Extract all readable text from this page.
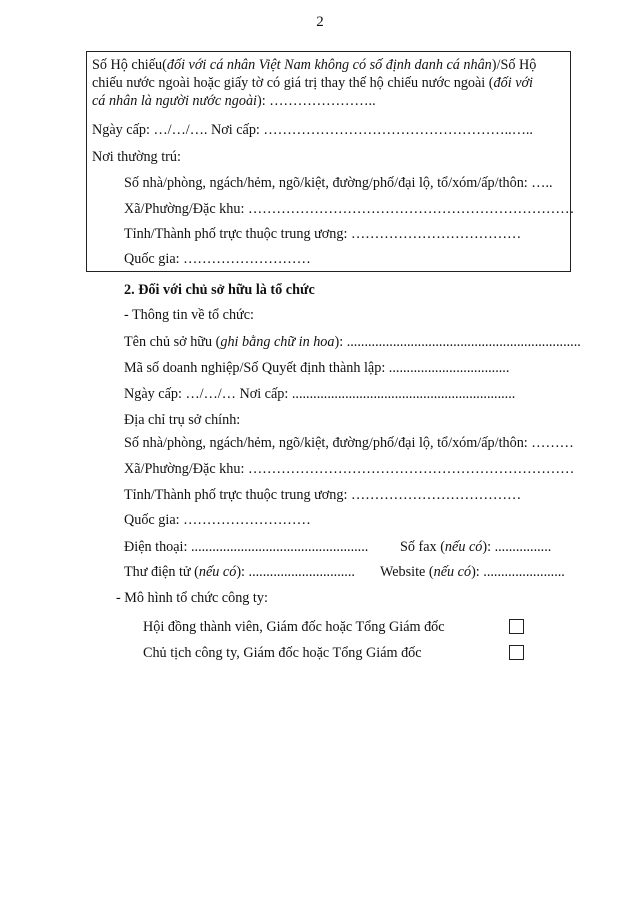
2
Số Hộ chiếu(đối với cá nhân Việt Nam không có số định danh cá nhân)/Số Hộ
chiếu nước ngoài hoặc giấy tờ có giá trị thay thế hộ chiếu nước ngoài (đối với
cá nhân là người nước ngoài): …………………..
Ngày cấp: …/…/…. Nơi cấp: ……………………………………………..…..
Nơi thường trú:
Số nhà/phòng, ngách/hẻm, ngõ/kiệt, đường/phố/đại lộ, tổ/xóm/ấp/thôn: …..
Xã/Phường/Đặc khu: ……………………………………………………………
Tỉnh/Thành phố trực thuộc trung ương: ………………………………
Quốc gia: ………………………
2. Đối với chủ sở hữu là tổ chức
- Thông tin về tổ chức:
Tên chủ sở hữu (ghi bằng chữ in hoa): ..................................................................
Mã số doanh nghiệp/Số Quyết định thành lập: ..................................
Ngày cấp: …/…/… Nơi cấp: ...............................................................
Địa chỉ trụ sở chính:
Số nhà/phòng, ngách/hẻm, ngõ/kiệt, đường/phố/đại lộ, tổ/xóm/ấp/thôn: ………
Xã/Phường/Đặc khu: ……………………………………………………………
Tỉnh/Thành phố trực thuộc trung ương: ………………………………
Quốc gia: ………………………
Điện thoại: .................................................. Số fax (nếu có): ................
Thư điện tử (nếu có): .............................. Website (nếu có): .......................
- Mô hình tổ chức công ty:
Hội đồng thành viên, Giám đốc hoặc Tổng Giám đốc
Chủ tịch công ty, Giám đốc hoặc Tổng Giám đốc
